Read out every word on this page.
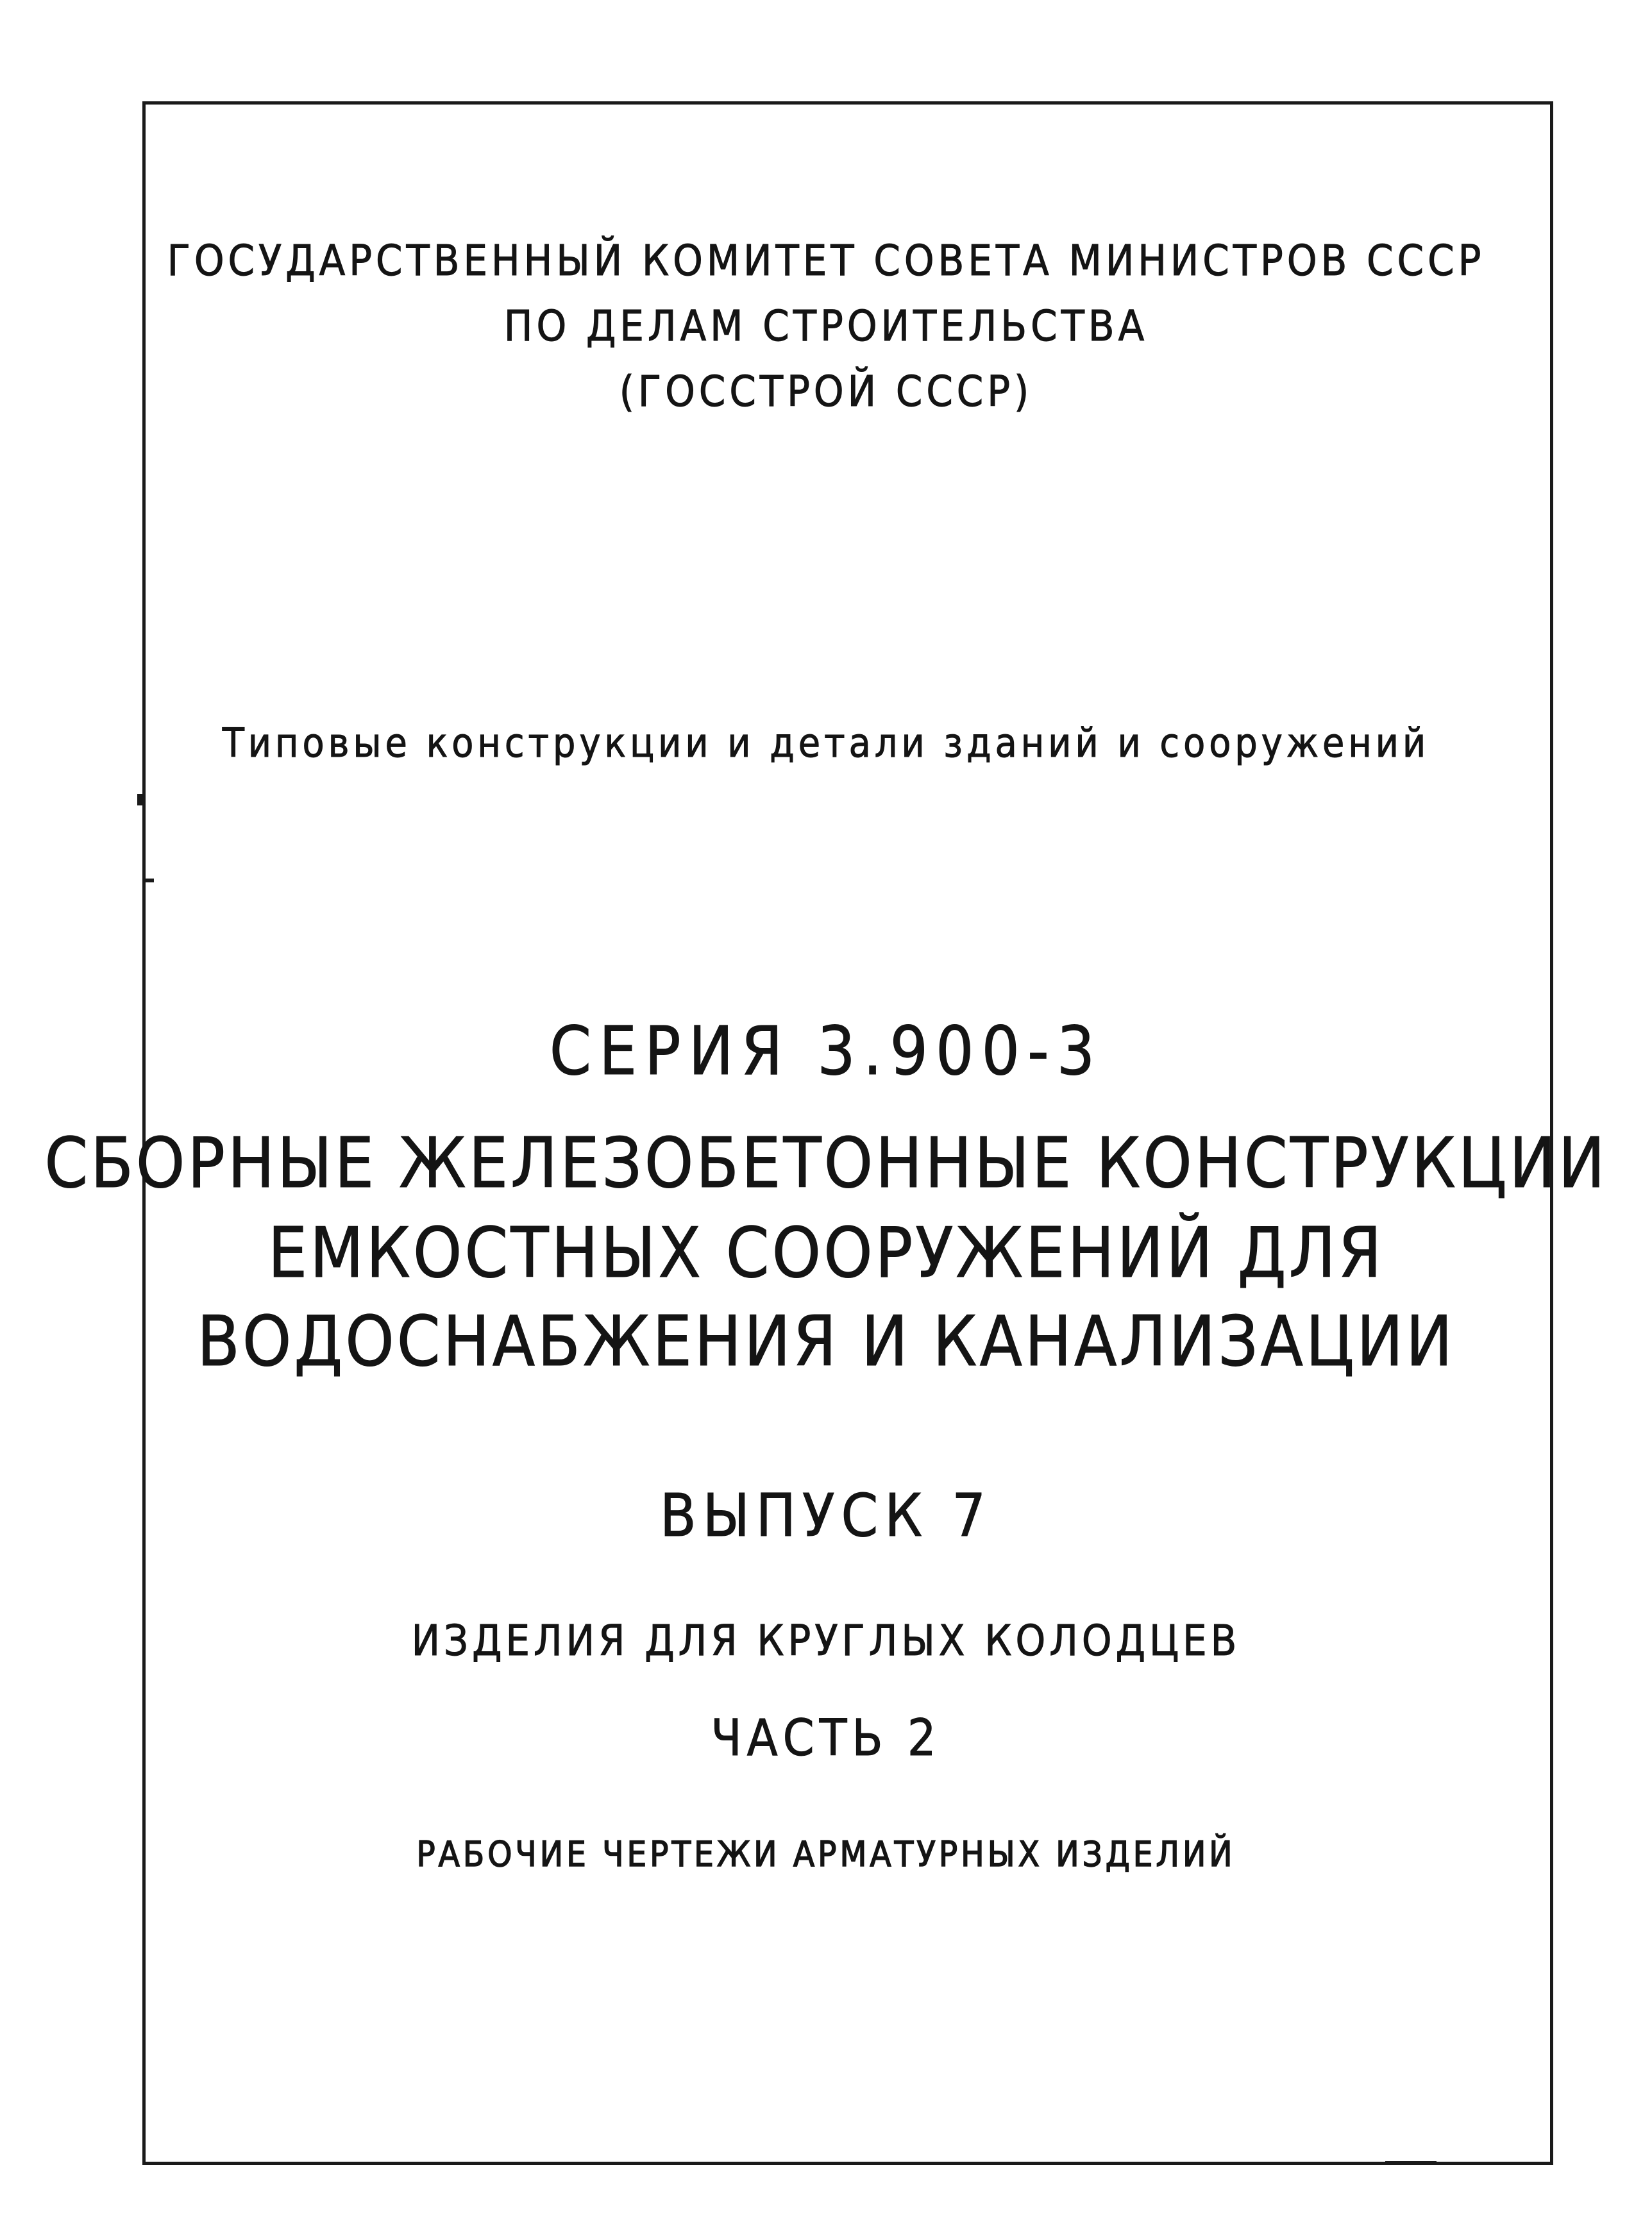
ГОСУДАРСТВЕННЫЙ КОМИТЕТ СОВЕТА МИНИСТРОВ СССР
ПО ДЕЛАМ СТРОИТЕЛЬСТВА
(ГОССТРОЙ СССР)
Типовые конструкции и детали зданий и сооружений
СЕРИЯ 3.900-3
СБОРНЫЕ ЖЕЛЕЗОБЕТОННЫЕ КОНСТРУКЦИИ
ЕМКОСТНЫХ СООРУЖЕНИЙ ДЛЯ
ВОДОСНАБЖЕНИЯ И КАНАЛИЗАЦИИ
ВЫПУСК 7
ИЗДЕЛИЯ ДЛЯ КРУГЛЫХ КОЛОДЦЕВ
ЧАСТЬ 2
РАБОЧИЕ ЧЕРТЕЖИ АРМАТУРНЫХ ИЗДЕЛИЙ
